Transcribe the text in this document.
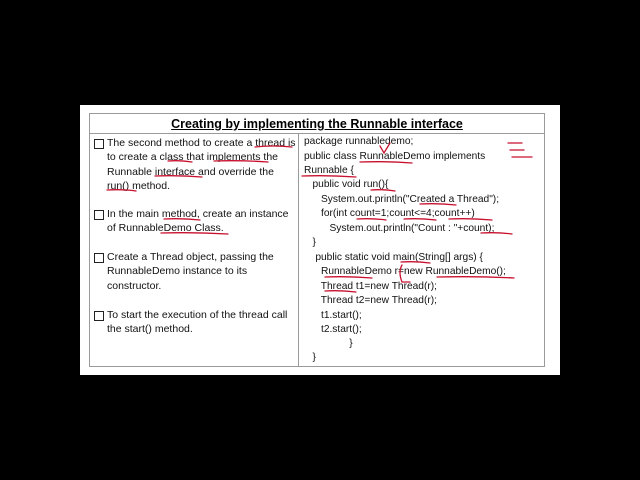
Creating by implementing the Runnable interface
The second method to create a thread is to create a class that implements the Runnable interface and override the run() method.
In the main method, create an instance of RunnableDemo Class.
Create a Thread object, passing the RunnableDemo instance to its constructor.
To start the execution of the thread call the start() method.
package runnabledemo;
public class RunnableDemo implements
Runnable {
public void run(){
System.out.println("Created a Thread");
for(int count=1;count<=4;count++)
System.out.println("Count : "+count);
}
public static void main(String[] args) {
RunnableDemo r=new RunnableDemo();
Thread t1=new Thread(r);
Thread t2=new Thread(r);
t1.start();
t2.start();
}
}
